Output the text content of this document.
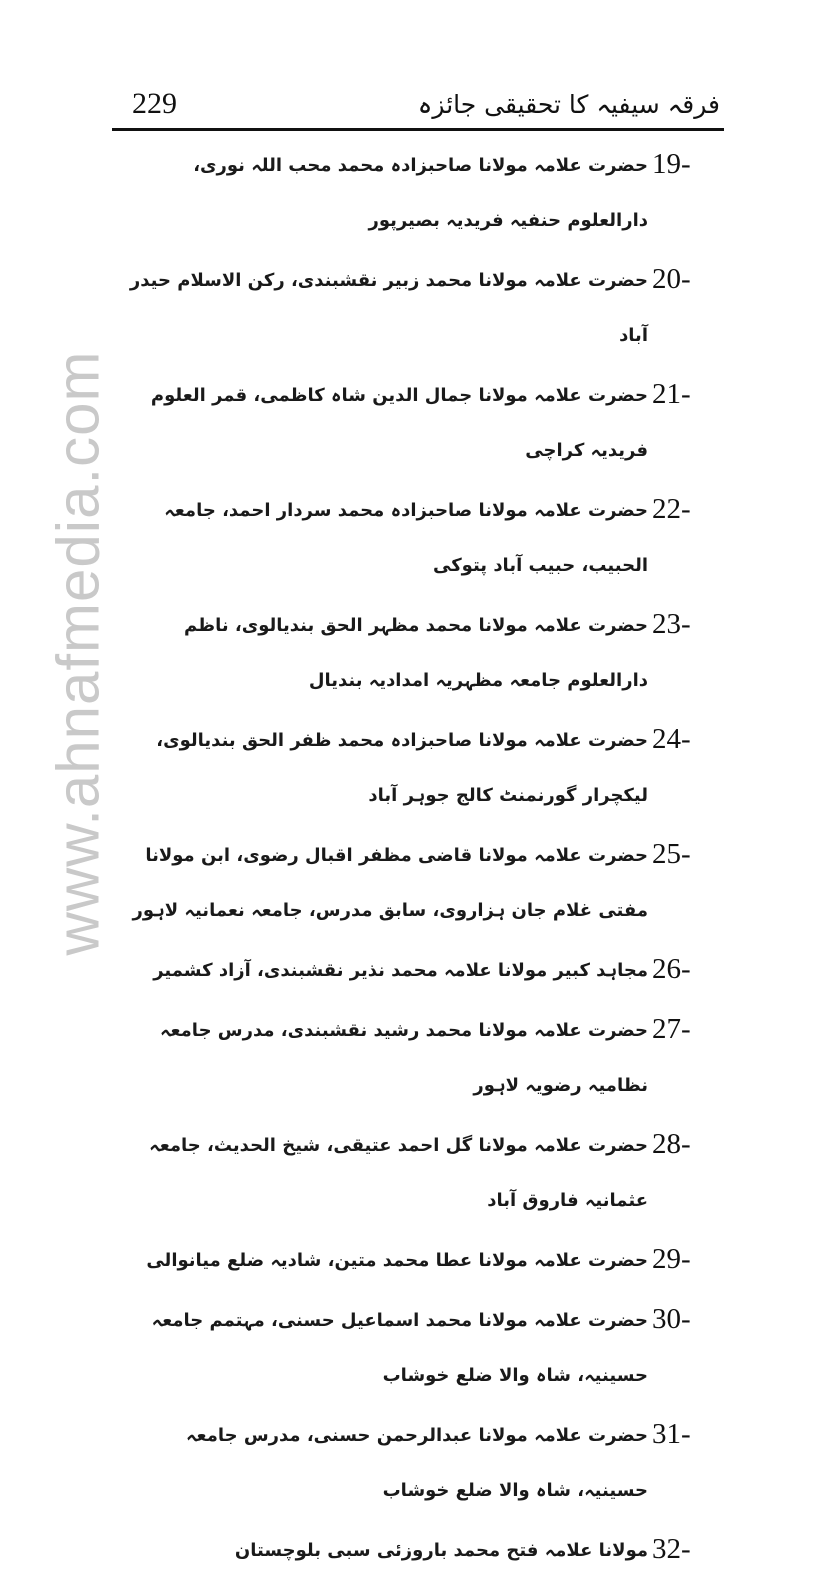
www.ahnafmedia.com
229	فرقہ سیفیہ کا تحقیقی جائزہ
19-
حضرت علامہ مولانا صاحبزادہ محمد محب اللہ نوری، دارالعلوم حنفیہ فریدیہ بصیرپور
20-
حضرت علامہ مولانا محمد زبیر نقشبندی، رکن الاسلام حیدر آباد
21-
حضرت علامہ مولانا جمال الدین شاہ کاظمی، قمر العلوم فریدیہ کراچی
22-
حضرت علامہ مولانا صاحبزادہ محمد سردار احمد، جامعہ الحبیب، حبیب آباد پتوکی
23-
حضرت علامہ مولانا محمد مظہر الحق بندیالوی، ناظم دارالعلوم جامعہ مظہریہ امدادیہ بندیال
24-
حضرت علامہ مولانا صاحبزادہ محمد ظفر الحق بندیالوی، لیکچرار گورنمنٹ کالج جوہر آباد
25-
حضرت علامہ مولانا قاضی مظفر اقبال رضوی، ابن مولانا مفتی غلام جان ہزاروی، سابق مدرس، جامعہ نعمانیہ لاہور
26-
مجاہد کبیر مولانا علامہ محمد نذیر نقشبندی، آزاد کشمیر
27-
حضرت علامہ مولانا محمد رشید نقشبندی، مدرس جامعہ نظامیہ رضویہ لاہور
28-
حضرت علامہ مولانا گل احمد عتیقی، شیخ الحدیث، جامعہ عثمانیہ فاروق آباد
29-
حضرت علامہ مولانا عطا محمد متین، شادیہ ضلع میانوالی
30-
حضرت علامہ مولانا محمد اسماعیل حسنی، مہتمم جامعہ حسینیہ، شاہ والا ضلع خوشاب
31-
حضرت علامہ مولانا عبدالرحمن حسنی، مدرس جامعہ حسینیہ، شاہ والا ضلع خوشاب
32-
مولانا علامہ فتح محمد باروزئی سبی بلوچستان
